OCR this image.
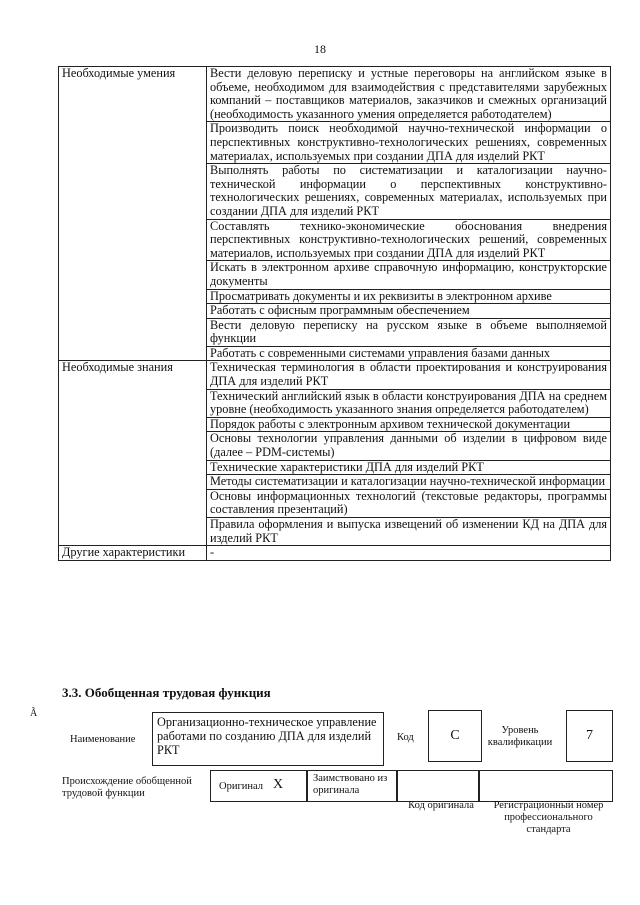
18
Необходимые умения	Вести деловую переписку и устные переговоры на английском языке в объеме, необходимом для взаимодействия с представителями зарубежных компаний – поставщиков материалов, заказчиков и смежных организаций (необходимость указанного умения определяется работодателем)
	Производить поиск необходимой научно-технической информации о перспективных конструктивно-технологических решениях, современных материалах, используемых при создании ДПА для изделий РКТ
	Выполнять работы по систематизации и каталогизации научно-технической информации о перспективных конструктивно-технологических решениях, современных материалах, используемых при создании ДПА для изделий РКТ
	Составлять технико-экономические обоснования внедрения перспективных конструктивно-технологических решений, современных материалов, используемых при создании ДПА для изделий РКТ
	Искать в электронном архиве справочную информацию, конструкторские документы
	Просматривать документы и их реквизиты в электронном архиве
	Работать с офисным программным обеспечением
	Вести деловую переписку на русском языке в объеме выполняемой функции
	Работать с современными системами управления базами данных
Необходимые знания	Техническая терминология в области проектирования и конструирования ДПА для изделий РКТ
	Технический английский язык в области конструирования ДПА на среднем уровне (необходимость указанного знания определяется работодателем)
	Порядок работы с электронным архивом технической документации
	Основы технологии управления данными об изделии в цифровом виде (далее – PDM-системы)
	Технические характеристики ДПА для изделий РКТ
	Методы систематизации и каталогизации научно-технической информации
	Основы информационных технологий (текстовые редакторы, программы составления презентаций)
	Правила оформления и выпуска извещений об изменении КД на ДПА для изделий РКТ
Другие характеристики	-
3.3. Обобщенная трудовая функция
Ã
Наименование
Организационно-техническое управление работами по созданию ДПА для изделий РКТ
Код	C	Уровень квалификации	7
Происхождение обобщенной трудовой функции
Оригинал X	Заимствовано из оригинала
Код оригинала	Регистрационный номер профессионального стандарта
